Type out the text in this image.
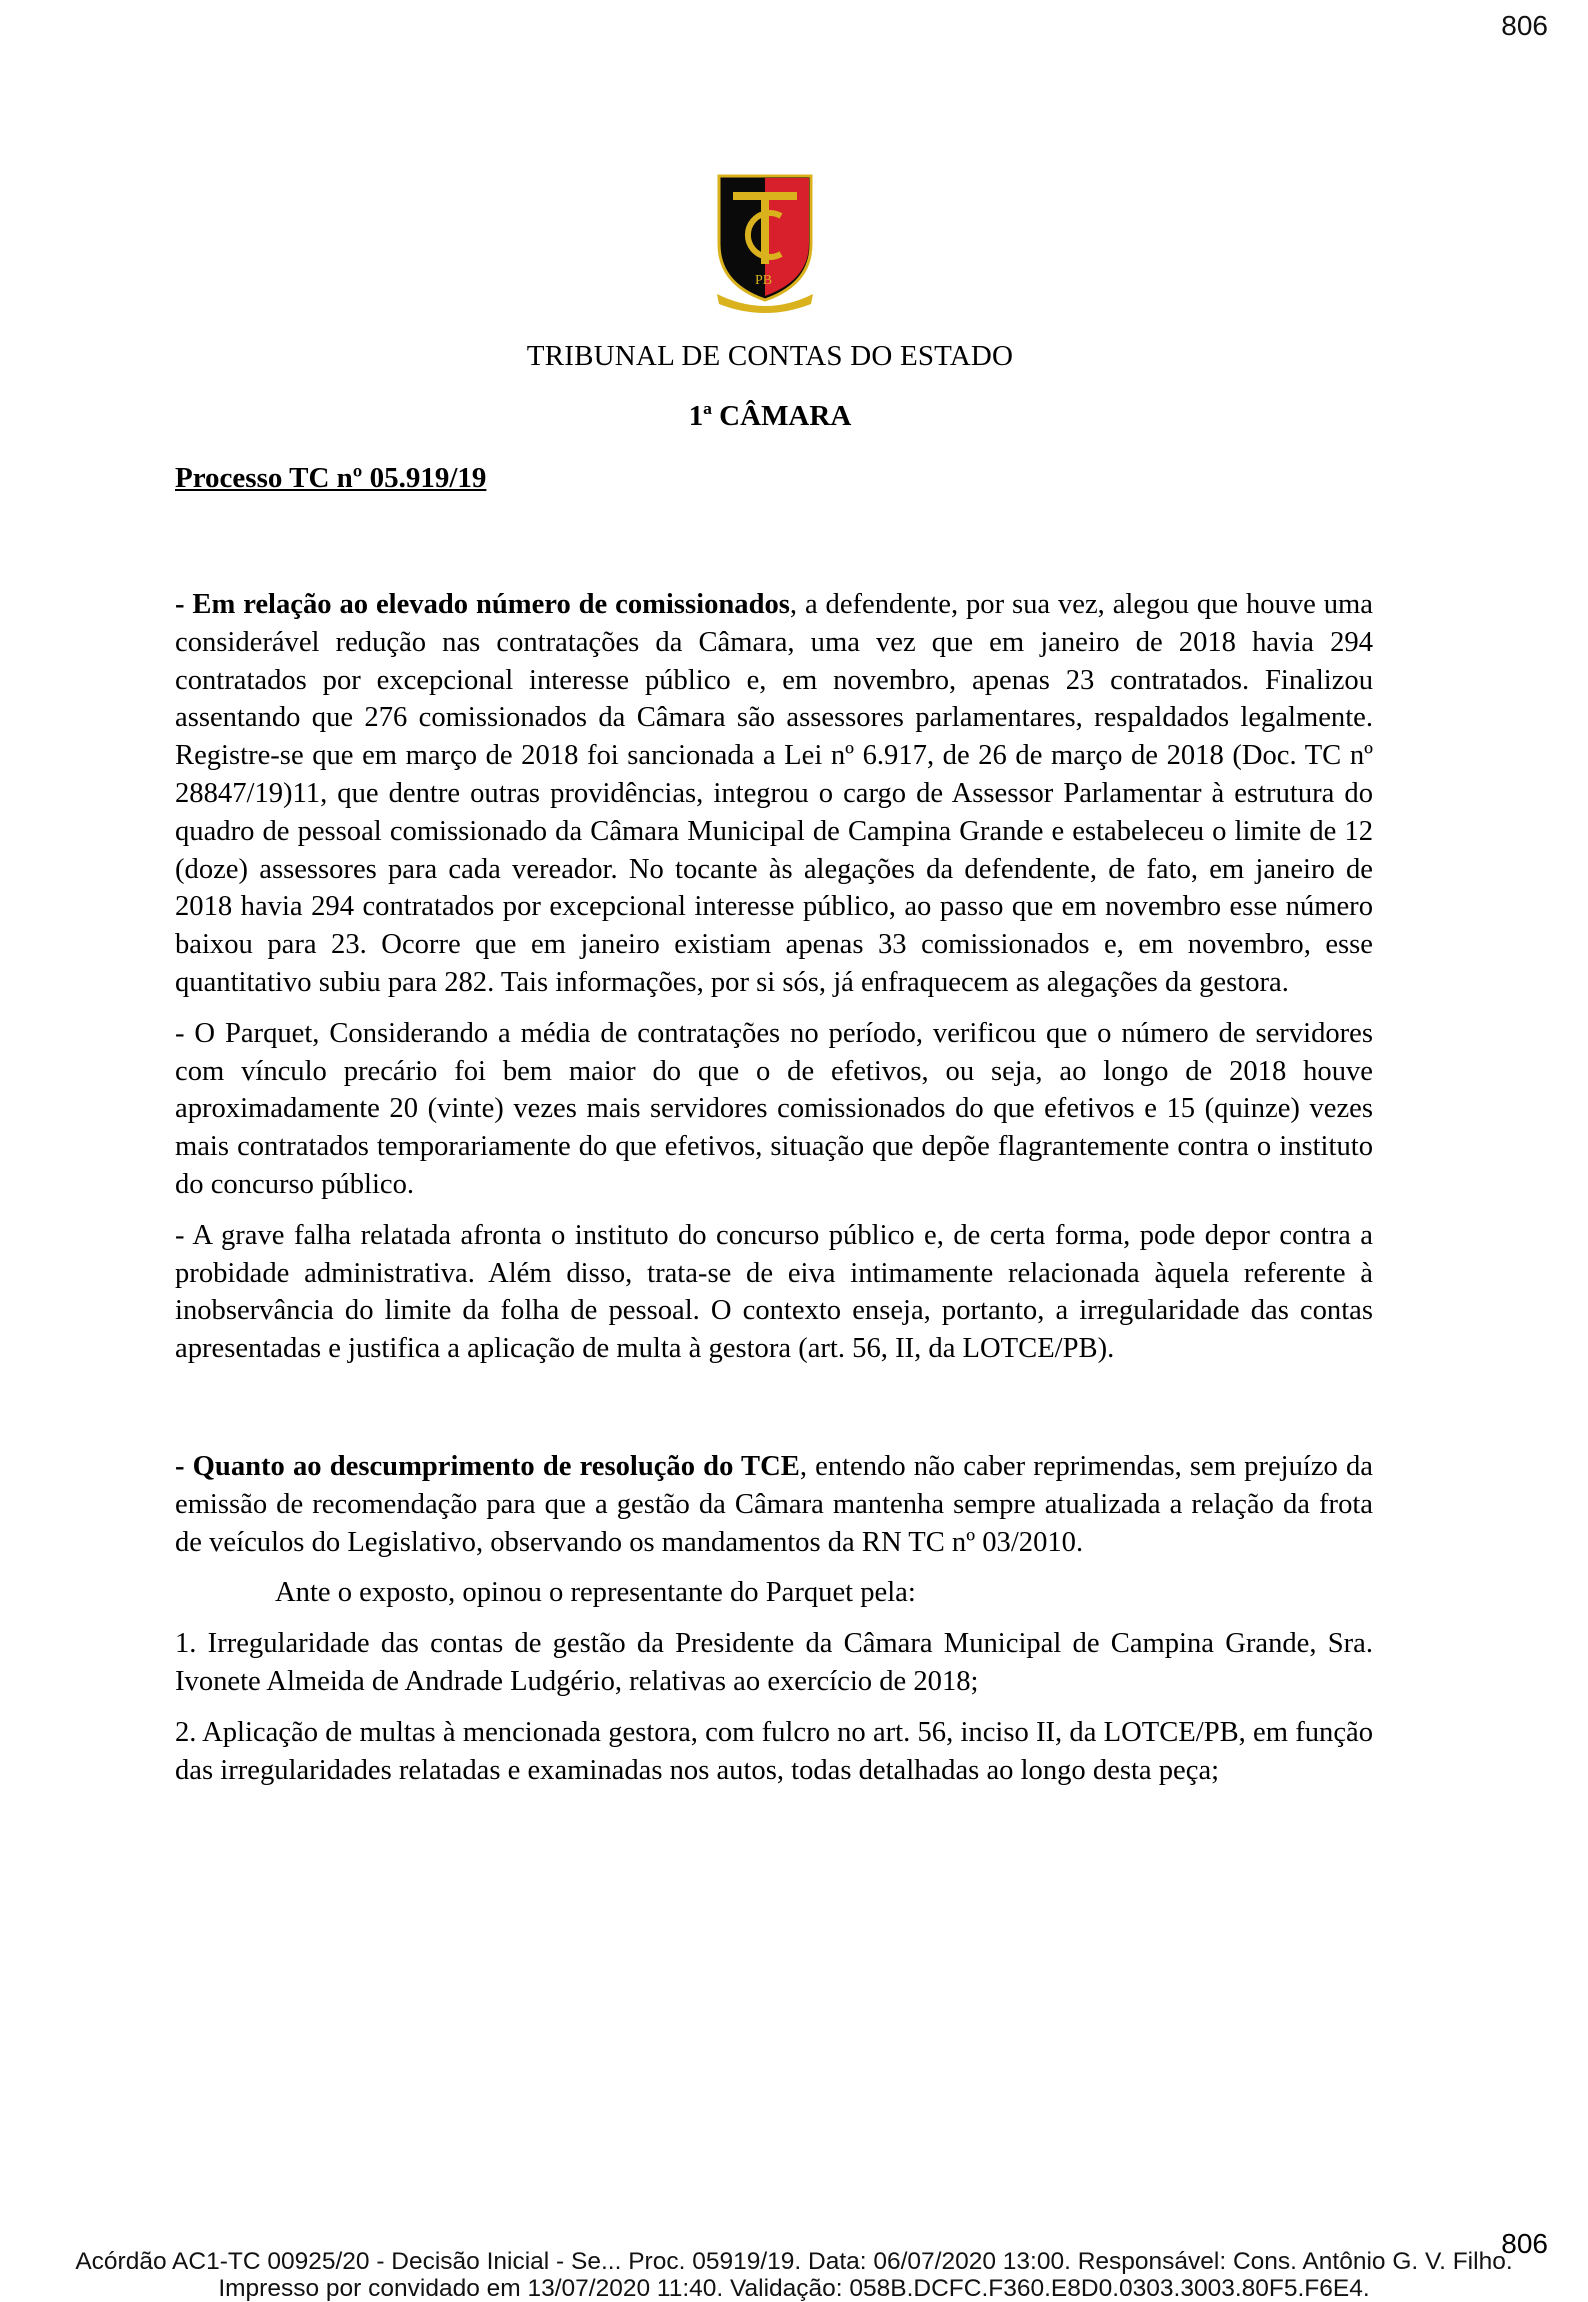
806
PB
TRIBUNAL DE CONTAS DO ESTADO
1ª CÂMARA
Processo TC nº 05.919/19

- Em relação ao elevado número de comissionados, a defendente, por sua vez, alegou que houve uma considerável redução nas contratações da Câmara, uma vez que em janeiro de 2018 havia 294 contratados por excepcional interesse público e, em novembro, apenas 23 contratados. Finalizou assentando que 276 comissionados da Câmara são assessores parlamentares, respaldados legalmente. Registre-se que em março de 2018 foi sancionada a Lei nº 6.917, de 26 de março de 2018 (Doc. TC nº 28847/19)11, que dentre outras providências, integrou o cargo de Assessor Parlamentar à estrutura do quadro de pessoal comissionado da Câmara Municipal de Campina Grande e estabeleceu o limite de 12 (doze) assessores para cada vereador. No tocante às alegações da defendente, de fato, em janeiro de 2018 havia 294 contratados por excepcional interesse público, ao passo que em novembro esse número baixou para 23. Ocorre que em janeiro existiam apenas 33 comissionados e, em novembro, esse quantitativo subiu para 282. Tais informações, por si sós, já enfraquecem as alegações da gestora.

- O Parquet, Considerando a média de contratações no período, verificou que o número de servidores com vínculo precário foi bem maior do que o de efetivos, ou seja, ao longo de 2018 houve aproximadamente 20 (vinte) vezes mais servidores comissionados do que efetivos e 15 (quinze) vezes mais contratados temporariamente do que efetivos, situação que depõe flagrantemente contra o instituto do concurso público.

- A grave falha relatada afronta o instituto do concurso público e, de certa forma, pode depor contra a probidade administrativa. Além disso, trata-se de eiva intimamente relacionada àquela referente à inobservância do limite da folha de pessoal. O contexto enseja, portanto, a irregularidade das contas apresentadas e justifica a aplicação de multa à gestora (art. 56, II, da LOTCE/PB).

- Quanto ao descumprimento de resolução do TCE, entendo não caber reprimendas, sem prejuízo da emissão de recomendação para que a gestão da Câmara mantenha sempre atualizada a relação da frota de veículos do Legislativo, observando os mandamentos da RN TC nº 03/2010.

Ante o exposto, opinou o representante do Parquet pela:

1. Irregularidade das contas de gestão da Presidente da Câmara Municipal de Campina Grande, Sra. Ivonete Almeida de Andrade Ludgério, relativas ao exercício de 2018;

2. Aplicação de multas à mencionada gestora, com fulcro no art. 56, inciso II, da LOTCE/PB, em função das irregularidades relatadas e examinadas nos autos, todas detalhadas ao longo desta peça;

806
Acórdão AC1-TC 00925/20 - Decisão Inicial - Se... Proc. 05919/19. Data: 06/07/2020 13:00. Responsável: Cons. Antônio G. V. Filho.
Impresso por convidado em 13/07/2020 11:40. Validação: 058B.DCFC.F360.E8D0.0303.3003.80F5.F6E4.
